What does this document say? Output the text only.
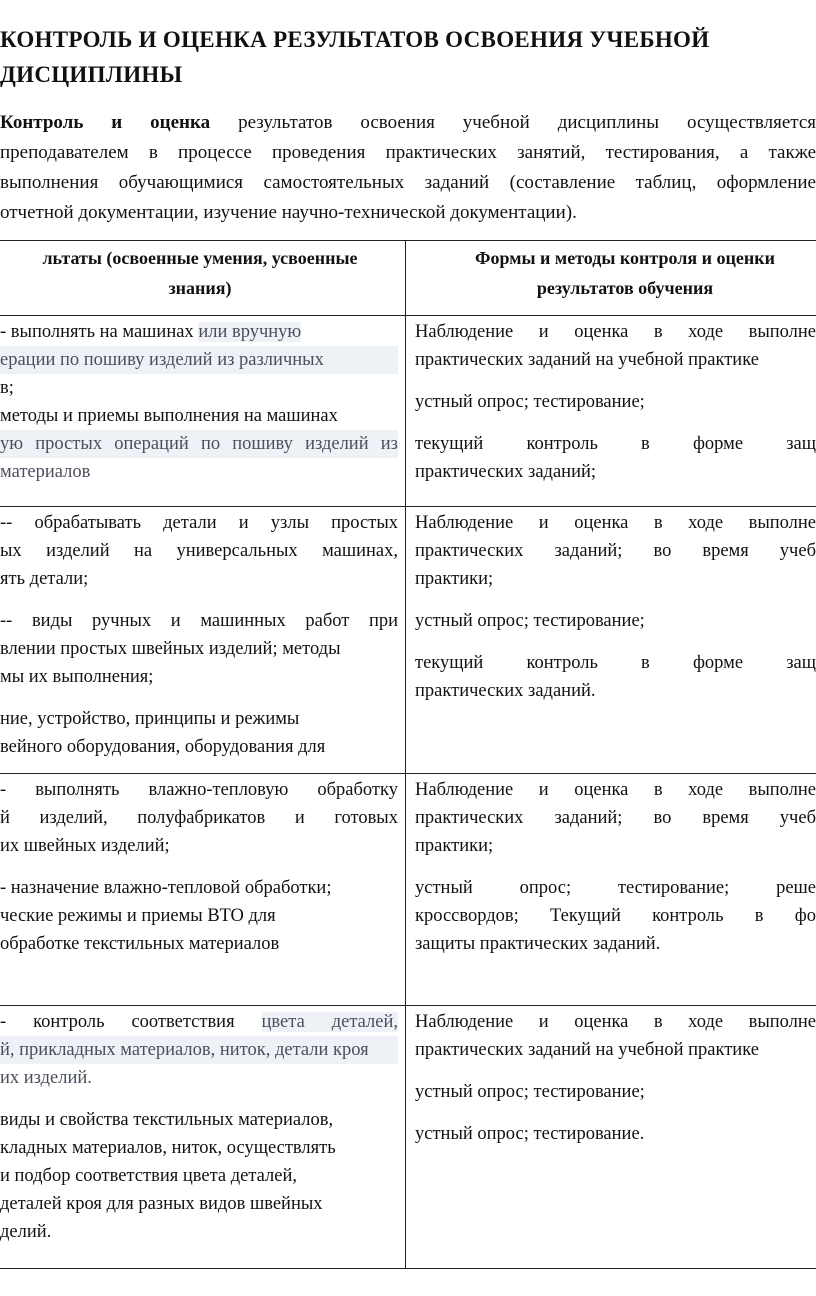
КОНТРОЛЬ И ОЦЕНКА РЕЗУЛЬТАТОВ ОСВОЕНИЯ УЧЕБНОЙ
ДИСЦИПЛИНЫ
Контроль и оценка результатов освоения учебной дисциплины осуществляется
преподавателем в процессе проведения практических занятий, тестирования, а также
выполнения обучающимися самостоятельных заданий (составление таблиц, оформление
отчетной документации, изучение научно-технической документации).
льтаты (освоенные умения, усвоенные
знания)
Формы и методы контроля и оценки
результатов обучения
- выполнять на машинах или вручную
ерации по пошиву изделий из различных
в;
методы и приемы выполнения на машинах
ую простых операций по пошиву изделий из
материалов
Наблюдение и оценка в ходе выполне
практических заданий на учебной практике
устный опрос; тестирование;
текущий контроль в форме защ
практических заданий;
-- обрабатывать детали и узлы простых
ых изделий на универсальных машинах,
ять детали;
-- виды ручных и машинных работ при
влении простых швейных изделий; методы
мы их выполнения;
ние, устройство, принципы и режимы
вейного оборудования, оборудования для
Наблюдение и оценка в ходе выполне
практических заданий; во время учеб
практики;
устный опрос; тестирование;
текущий контроль в форме защ
практических заданий.
- выполнять влажно-тепловую обработку
й изделий, полуфабрикатов и готовых
их швейных изделий;
- назначение влажно-тепловой обработки;
ческие режимы и приемы ВТО для
обработке текстильных материалов
Наблюдение и оценка в ходе выполне
практических заданий; во время учеб
практики;
устный опрос; тестирование; реше
кроссвордов; Текущий контроль в фо
защиты практических заданий.
- контроль соответствия цвета деталей,
й, прикладных материалов, ниток, детали кроя
их изделий.
виды и свойства текстильных материалов,
кладных материалов, ниток, осуществлять
и подбор соответствия цвета деталей,
деталей кроя для разных видов швейных
делий.
Наблюдение и оценка в ходе выполне
практических заданий на учебной практике
устный опрос; тестирование;
устный опрос; тестирование.
